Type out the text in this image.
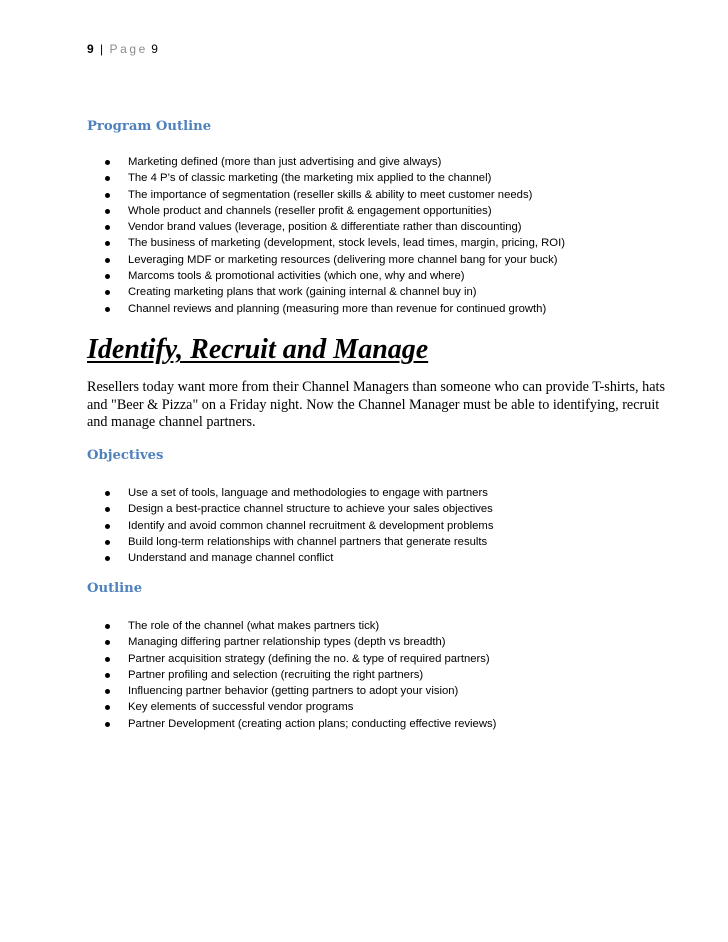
9 | Page 9
Program Outline
Marketing defined (more than just advertising and give always)
The 4 P’s of classic marketing (the marketing mix applied to the channel)
The importance of segmentation (reseller skills & ability to meet customer needs)
Whole product and channels (reseller profit & engagement opportunities)
Vendor brand values (leverage, position & differentiate rather than discounting)
The business of marketing (development, stock levels, lead times, margin, pricing, ROI)
Leveraging MDF or marketing resources (delivering more channel bang for your buck)
Marcoms tools & promotional activities (which one, why and where)
Creating marketing plans that work (gaining internal & channel buy in)
Channel reviews and planning (measuring more than revenue for continued growth)
Identify, Recruit and Manage

Resellers today want more from their Channel Managers than someone who can provide T-shirts, hats and "Beer & Pizza" on a Friday night. Now the Channel Manager must be able to identifying, recruit and manage channel partners.

Objectives
Use a set of tools, language and methodologies to engage with partners
Design a best-practice channel structure to achieve your sales objectives
Identify and avoid common channel recruitment & development problems
Build long-term relationships with channel partners that generate results
Understand and manage channel conflict
Outline
The role of the channel (what makes partners tick)
Managing differing partner relationship types (depth vs breadth)
Partner acquisition strategy (defining the no. & type of required partners)
Partner profiling and selection (recruiting the right partners)
Influencing partner behavior (getting partners to adopt your vision)
Key elements of successful vendor programs
Partner Development (creating action plans; conducting effective reviews)
